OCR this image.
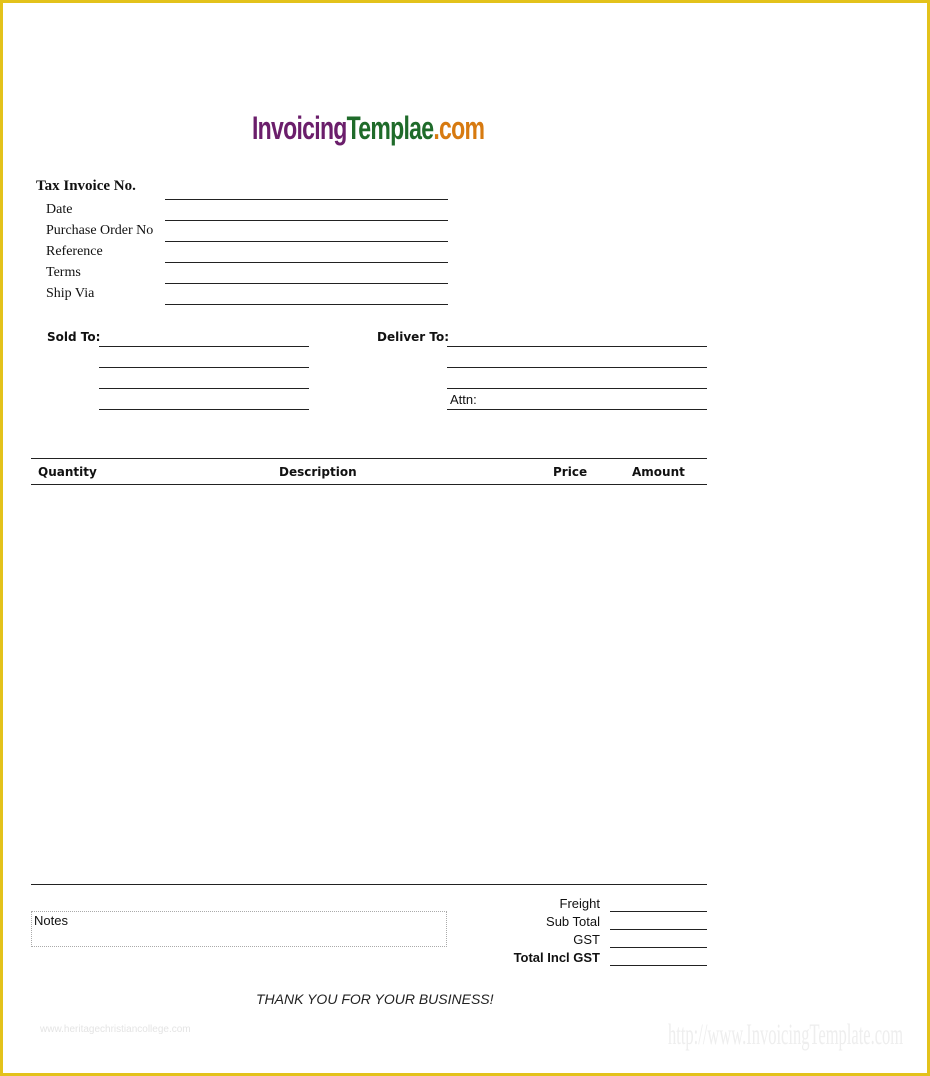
InvoicingTemplae.com
Tax Invoice No.
Date
Purchase Order No
Reference
Terms
Ship Via
Sold To:	Deliver To:
Attn:
Quantity	Description	Price	Amount
Notes
Freight
Sub Total
GST
Total Incl GST
THANK YOU FOR YOUR BUSINESS!
www.heritagechristiancollege.com	http://www.InvoicingTemplate.com
